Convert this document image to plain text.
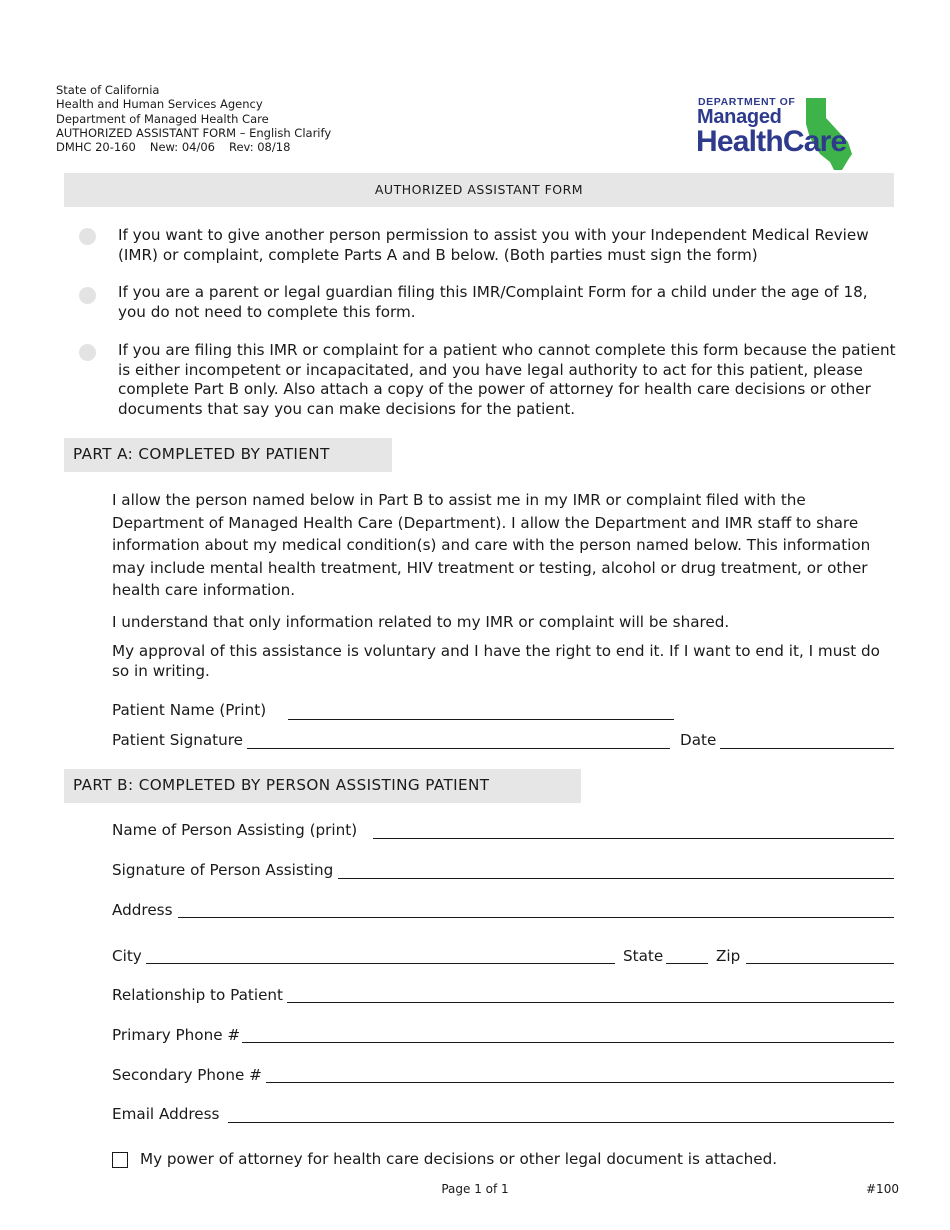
State of California
Health and Human Services Agency
Department of Managed Health Care
AUTHORIZED ASSISTANT FORM – English Clarify
DMHC 20-160 New: 04/06 Rev: 08/18
DEPARTMENT OF
Managed
HealthCare
AUTHORIZED ASSISTANT FORM
If you want to give another person permission to assist you with your Independent Medical Review (IMR) or complaint, complete Parts A and B below. (Both parties must sign the form)
If you are a parent or legal guardian filing this IMR/Complaint Form for a child under the age of 18, you do not need to complete this form.
If you are filing this IMR or complaint for a patient who cannot complete this form because the patient is either incompetent or incapacitated, and you have legal authority to act for this patient, please complete Part B only. Also attach a copy of the power of attorney for health care decisions or other documents that say you can make decisions for the patient.
PART A: COMPLETED BY PATIENT
I allow the person named below in Part B to assist me in my IMR or complaint filed with the Department of Managed Health Care (Department). I allow the Department and IMR staff to share information about my medical condition(s) and care with the person named below. This information may include mental health treatment, HIV treatment or testing, alcohol or drug treatment, or other health care information.
I understand that only information related to my IMR or complaint will be shared.
My approval of this assistance is voluntary and I have the right to end it. If I want to end it, I must do so in writing.
Patient Name (Print)
Patient Signature	Date
PART B: COMPLETED BY PERSON ASSISTING PATIENT
Name of Person Assisting (print)
Signature of Person Assisting
Address
City	State	Zip
Relationship to Patient
Primary Phone #
Secondary Phone #
Email Address
My power of attorney for health care decisions or other legal document is attached.
Page 1 of 1	#100
